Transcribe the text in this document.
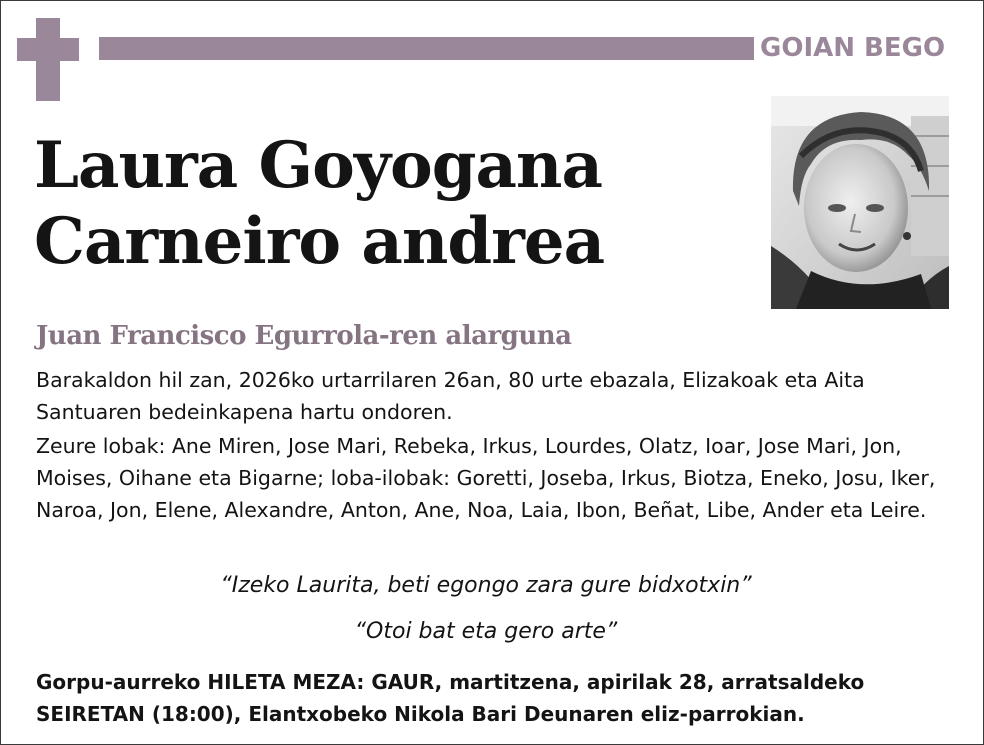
GOIAN BEGO
Laura Goyogana
Carneiro andrea
Juan Francisco Egurrola-ren alarguna
Barakaldon hil zan, 2026ko urtarrilaren 26an, 80 urte ebazala, Elizakoak eta Aita Santuaren bedeinkapena hartu ondoren.
Zeure lobak: Ane Miren, Jose Mari, Rebeka, Irkus, Lourdes, Olatz, Ioar, Jose Mari, Jon, Moises, Oihane eta Bigarne; loba-ilobak: Goretti, Joseba, Irkus, Biotza, Eneko, Josu, Iker, Naroa, Jon, Elene, Alexandre, Anton, Ane, Noa, Laia, Ibon, Beñat, Libe, Ander eta Leire.
“Izeko Laurita, beti egongo zara gure bidxotxin”
“Otoi bat eta gero arte”
Gorpu-aurreko HILETA MEZA: GAUR, martitzena, apirilak 28, arratsaldeko SEIRETAN (18:00), Elantxobeko Nikola Bari Deunaren eliz-parrokian.
